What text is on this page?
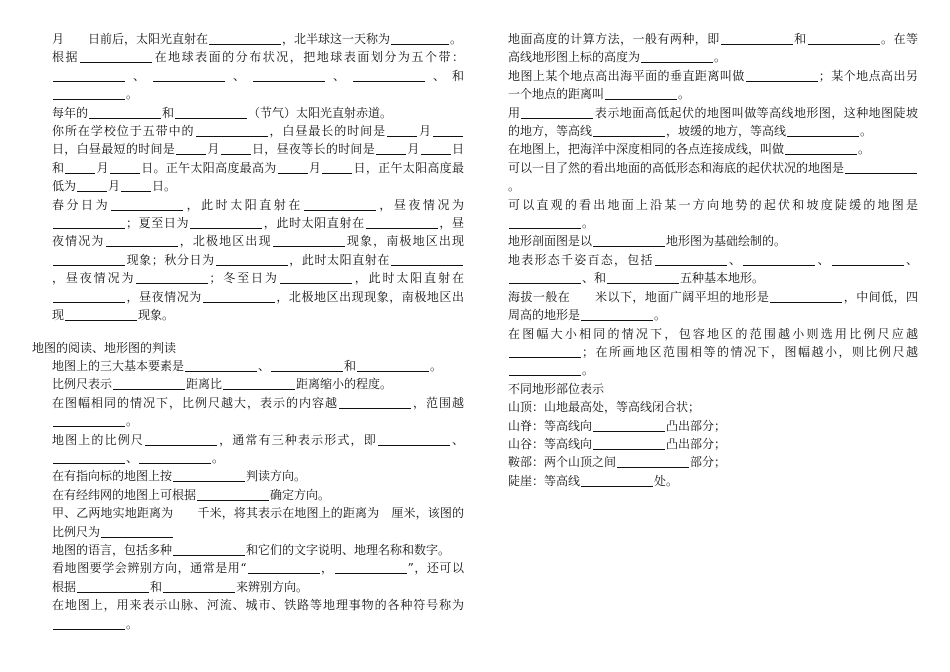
月　　日前后，太阳光直射在	，北半球这一天称为	。
根据	在地球表面的分布状况，把地球表面划分为五个带：、	、	、	、和。
每年的	和	（节气）太阳光直射赤道。
你所在学校位于五带中的	，白昼最长的时间是	月日，白昼最短的时间是	月	日，昼夜等长的时间是	月	日和	月	日。正午太阳高度最高为	月	日，正午太阳高度最低为	月	日。
春分日为	，此时太阳直射在	，昼夜情况为；夏至日为	，此时太阳直射在	，昼夜情况为	，北极地区出现	现象，南极地区出现现象；秋分日为	，此时太阳直射在，昼夜情况为	；冬至日为	，此时太阳直射在，昼夜情况为	，北极地区出现现象，南极地区出现	现象。
地图的阅读、地形图的判读
地图上的三大基本要素是	、	和	。
比例尺表示	距离比	距离缩小的程度。
在图幅相同的情况下，比例尺越大，表示的内容越	，范围越。
地图上的比例尺	，通常有三种表示形式，即	、、	。
在有指向标的地图上按	判读方向。
在有经纬网的地图上可根据	确定方向。
甲、乙两地实地距离为　　千米，将其表示在地图上的距离为　厘米，该图的比例尺为
地图的语言，包括多种	和它们的文字说明、地理名称和数字。
看地图要学会辨别方向，通常是用“	，	”，还可以根据	和	来辨别方向。
在地图上，用来表示山脉、河流、城市、铁路等地理事物的各种符号称为。
地面高度的计算方法，一般有两种，即	和	。在等高线地形图上标的高度为	。
地图上某个地点高出海平面的垂直距离叫做	；某个地点高出另一个地点的距离叫	。
用	表示地面高低起伏的地图叫做等高线地形图，这种地图陡坡的地方，等高线	，坡缓的地方，等高线	。
在地图上，把海洋中深度相同的各点连接成线，叫做	。
可以一目了然的看出地面的高低形态和海底的起伏状况的地图是。
可以直观的看出地面上沿某一方向地势的起伏和坡度陡缓的地图是。
地形剖面图是以	地形图为基础绘制的。
地表形态千姿百态，包括	、	、	、、和	五种基本地形。
海拔一般在　　米以下，地面广阔平坦的地形是	，中间低，四周高的地形是	。
在图幅大小相同的情况下，包容地区的范围越小则选用比例尺应越；在所画地区范围相等的情况下，图幅越小，则比例尺越。
不同地形部位表示
山顶：山地最高处，等高线闭合状；
山脊：等高线向	凸出部分；
山谷：等高线向	凸出部分；
鞍部：两个山顶之间	部分；
陡崖：等高线	处。
